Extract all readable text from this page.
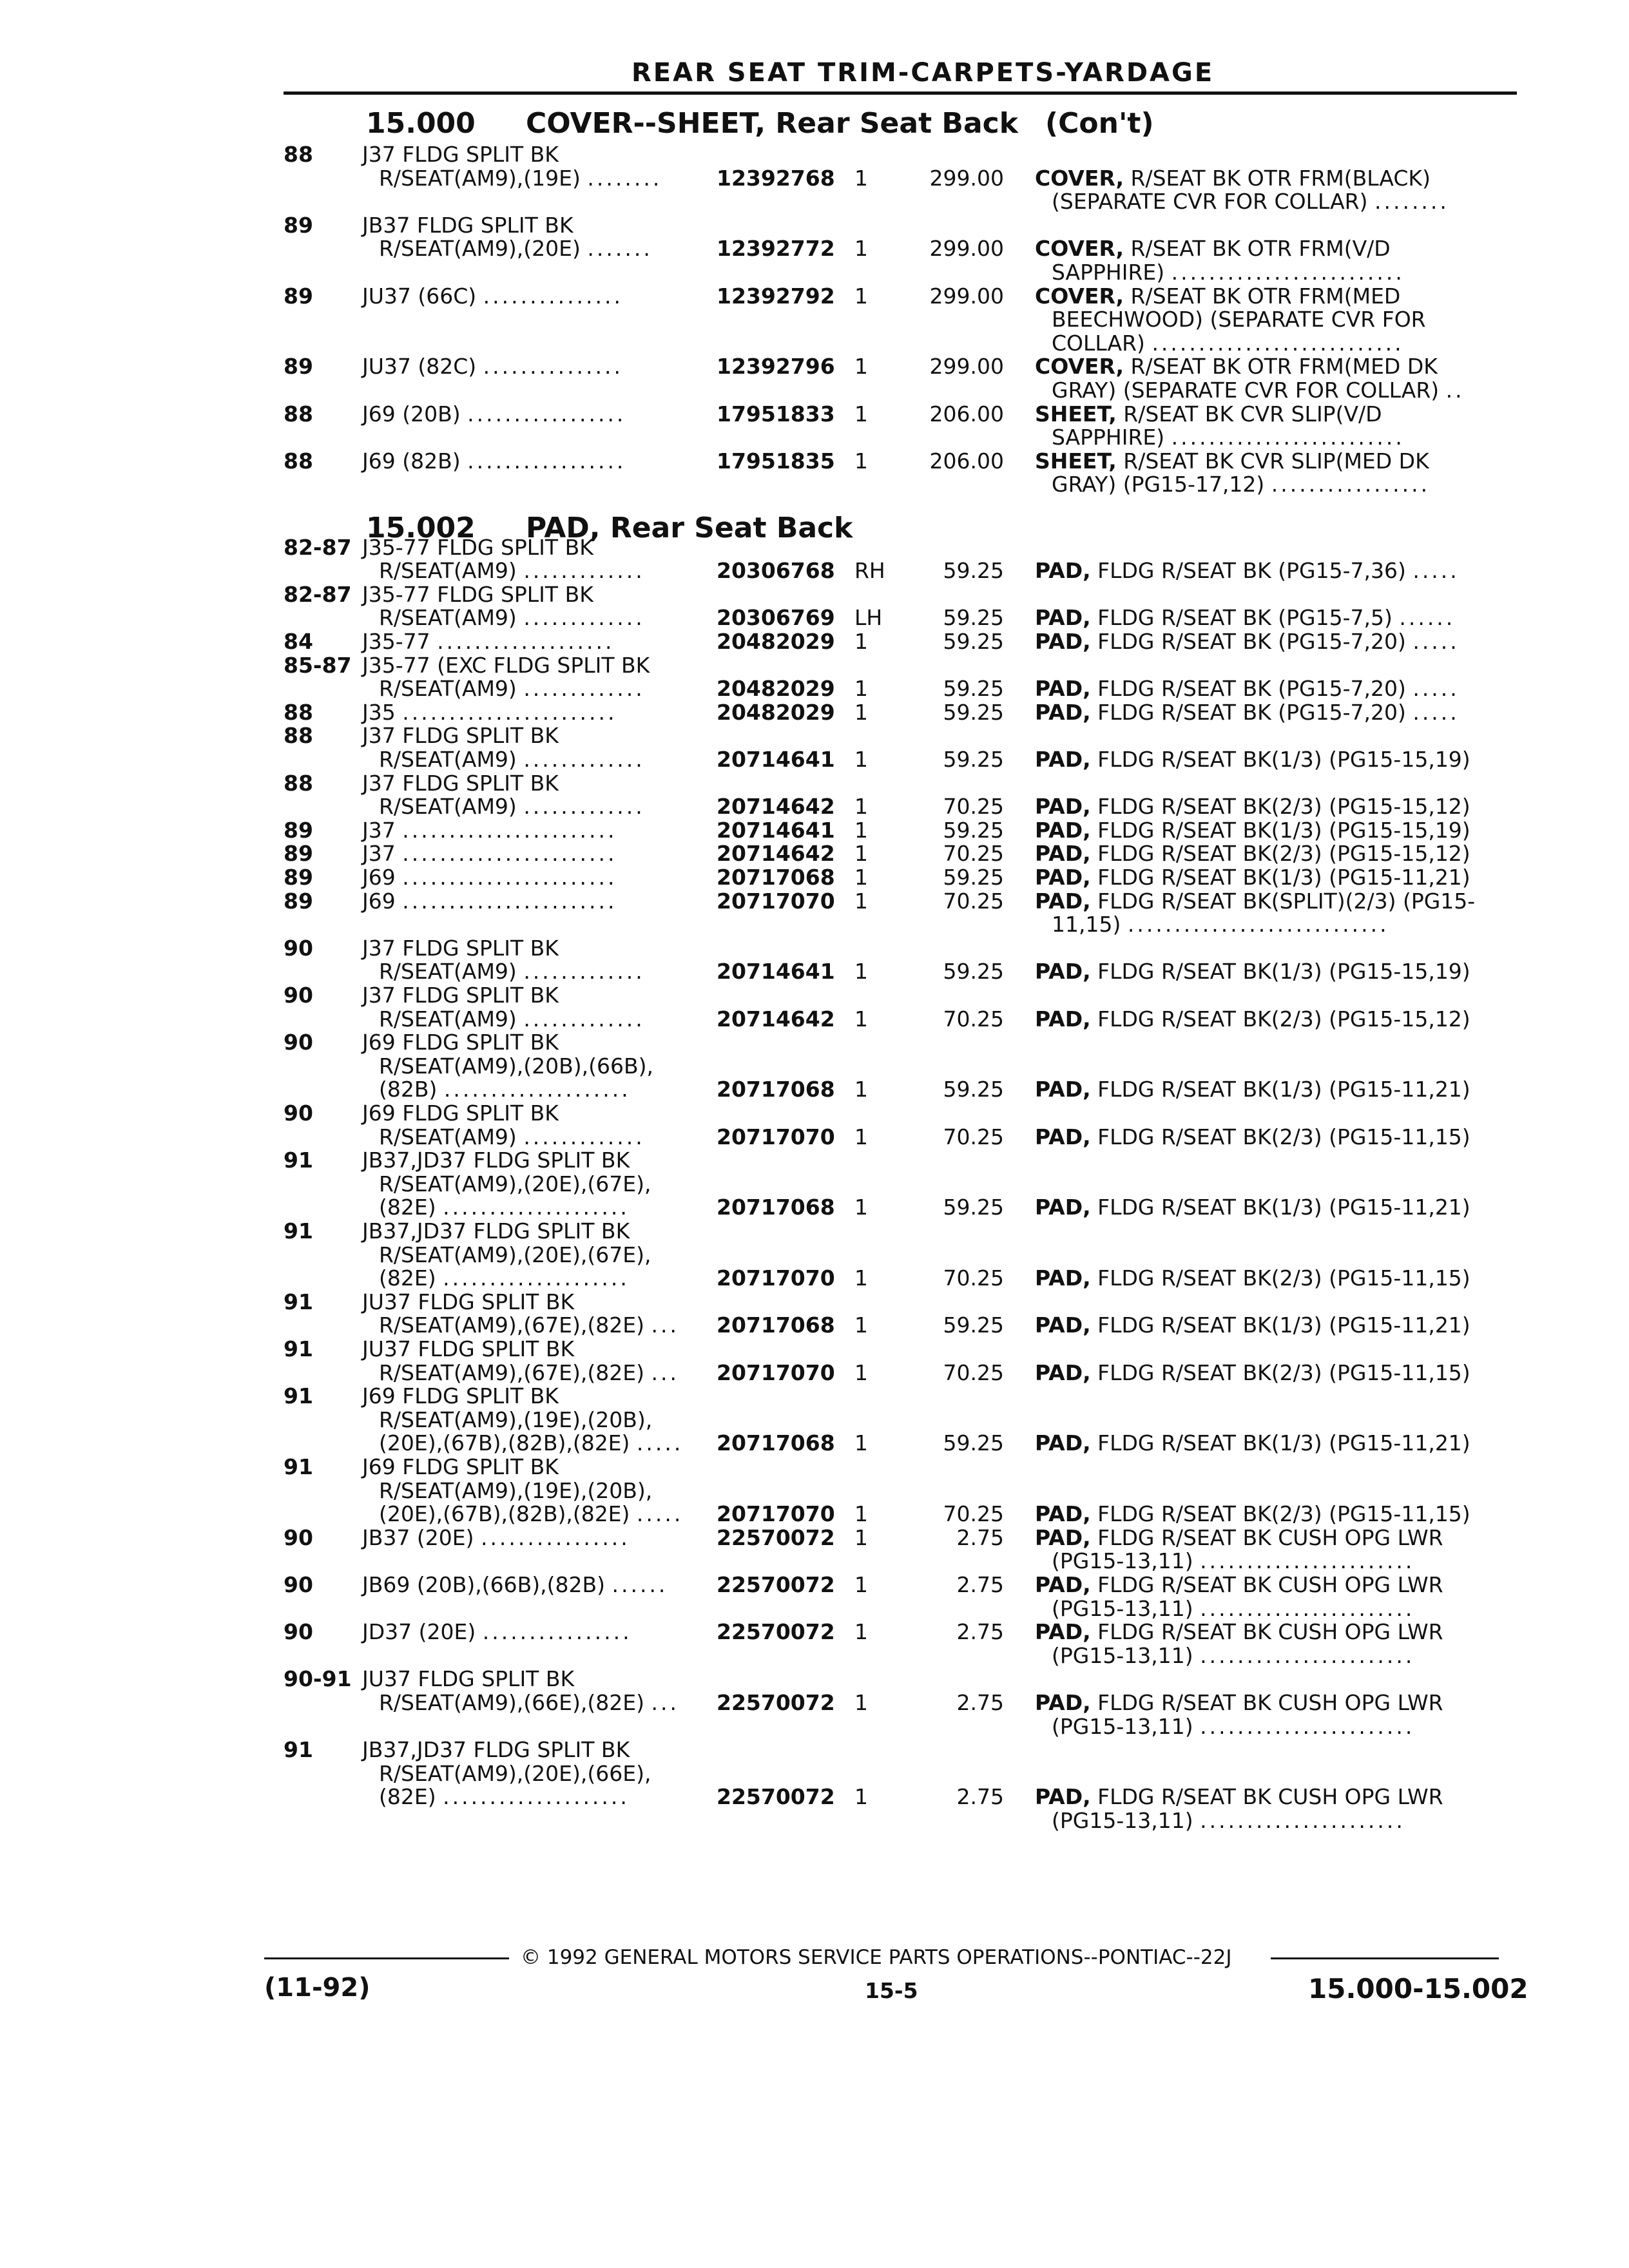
REAR SEAT TRIM-CARPETS-YARDAGE
15.000 COVER--SHEET, Rear Seat Back (Con't)
15.002 PAD, Rear Seat Back
88 J37 FLDG SPLIT BK
R/SEAT(AM9),(19E) ........	12392768 1	299.00 COVER, R/SEAT BK OTR FRM(BLACK)
(SEPARATE CVR FOR COLLAR) ........
89 JB37 FLDG SPLIT BK
R/SEAT(AM9),(20E) .......	12392772 1	299.00 COVER, R/SEAT BK OTR FRM(V/D
SAPPHIRE) .........................
89 JU37 (66C) ...............	12392792 1	299.00 COVER, R/SEAT BK OTR FRM(MED
BEECHWOOD) (SEPARATE CVR FOR
COLLAR) ...........................
89 JU37 (82C) ...............	12392796 1	299.00 COVER, R/SEAT BK OTR FRM(MED DK
GRAY) (SEPARATE CVR FOR COLLAR) ..
88 J69 (20B) .................	17951833 1	206.00 SHEET, R/SEAT BK CVR SLIP(V/D
SAPPHIRE) .........................
88 J69 (82B) .................	17951835 1	206.00 SHEET, R/SEAT BK CVR SLIP(MED DK
GRAY) (PG15-17,12) .................
82-87 J35-77 FLDG SPLIT BK
R/SEAT(AM9) .............	20306768 RH	59.25 PAD, FLDG R/SEAT BK (PG15-7,36) .....
82-87 J35-77 FLDG SPLIT BK
R/SEAT(AM9) .............	20306769 LH	59.25 PAD, FLDG R/SEAT BK (PG15-7,5) ......
84 J35-77 ...................	20482029 1	59.25 PAD, FLDG R/SEAT BK (PG15-7,20) .....
85-87 J35-77 (EXC FLDG SPLIT BK
R/SEAT(AM9) .............	20482029 1	59.25 PAD, FLDG R/SEAT BK (PG15-7,20) .....
88 J35 .......................	20482029 1	59.25 PAD, FLDG R/SEAT BK (PG15-7,20) .....
88 J37 FLDG SPLIT BK
R/SEAT(AM9) .............	20714641 1	59.25 PAD, FLDG R/SEAT BK(1/3) (PG15-15,19)
88 J37 FLDG SPLIT BK
R/SEAT(AM9) .............	20714642 1	70.25 PAD, FLDG R/SEAT BK(2/3) (PG15-15,12)
89 J37 .......................	20714641 1	59.25 PAD, FLDG R/SEAT BK(1/3) (PG15-15,19)
89 J37 .......................	20714642 1	70.25 PAD, FLDG R/SEAT BK(2/3) (PG15-15,12)
89 J69 .......................	20717068 1	59.25 PAD, FLDG R/SEAT BK(1/3) (PG15-11,21)
89 J69 .......................	20717070 1	70.25 PAD, FLDG R/SEAT BK(SPLIT)(2/3) (PG15-
11,15) ............................
90 J37 FLDG SPLIT BK
R/SEAT(AM9) .............	20714641 1	59.25 PAD, FLDG R/SEAT BK(1/3) (PG15-15,19)
90 J37 FLDG SPLIT BK
R/SEAT(AM9) .............	20714642 1	70.25 PAD, FLDG R/SEAT BK(2/3) (PG15-15,12)
90 J69 FLDG SPLIT BK
R/SEAT(AM9),(20B),(66B),
(82B) ....................	20717068 1	59.25 PAD, FLDG R/SEAT BK(1/3) (PG15-11,21)
90 J69 FLDG SPLIT BK
R/SEAT(AM9) .............	20717070 1	70.25 PAD, FLDG R/SEAT BK(2/3) (PG15-11,15)
91 JB37,JD37 FLDG SPLIT BK
R/SEAT(AM9),(20E),(67E),
(82E) ....................	20717068 1	59.25 PAD, FLDG R/SEAT BK(1/3) (PG15-11,21)
91 JB37,JD37 FLDG SPLIT BK
R/SEAT(AM9),(20E),(67E),
(82E) ....................	20717070 1	70.25 PAD, FLDG R/SEAT BK(2/3) (PG15-11,15)
91 JU37 FLDG SPLIT BK
R/SEAT(AM9),(67E),(82E) ... 20717068 1	59.25 PAD, FLDG R/SEAT BK(1/3) (PG15-11,21)
91 JU37 FLDG SPLIT BK
R/SEAT(AM9),(67E),(82E) ... 20717070 1	70.25 PAD, FLDG R/SEAT BK(2/3) (PG15-11,15)
91 J69 FLDG SPLIT BK
R/SEAT(AM9),(19E),(20B),
(20E),(67B),(82B),(82E) ..... 20717068 1	59.25 PAD, FLDG R/SEAT BK(1/3) (PG15-11,21)
91 J69 FLDG SPLIT BK
R/SEAT(AM9),(19E),(20B),
(20E),(67B),(82B),(82E) ..... 20717070 1	70.25 PAD, FLDG R/SEAT BK(2/3) (PG15-11,15)
90 JB37 (20E) ................	22570072 1	2.75 PAD, FLDG R/SEAT BK CUSH OPG LWR
(PG15-13,11) .......................
90 JB69 (20B),(66B),(82B) ...... 22570072 1	2.75 PAD, FLDG R/SEAT BK CUSH OPG LWR
(PG15-13,11) .......................
90 JD37 (20E) ................	22570072 1	2.75 PAD, FLDG R/SEAT BK CUSH OPG LWR
(PG15-13,11) .......................
90-91 JU37 FLDG SPLIT BK
R/SEAT(AM9),(66E),(82E) ... 22570072 1	2.75 PAD, FLDG R/SEAT BK CUSH OPG LWR
(PG15-13,11) .......................
91 JB37,JD37 FLDG SPLIT BK
R/SEAT(AM9),(20E),(66E),
(82E) ....................	22570072 1	2.75 PAD, FLDG R/SEAT BK CUSH OPG LWR
(PG15-13,11) ......................
© 1992 GENERAL MOTORS SERVICE PARTS OPERATIONS--PONTIAC--22J
(11-92)	15-5	15.000-15.002
